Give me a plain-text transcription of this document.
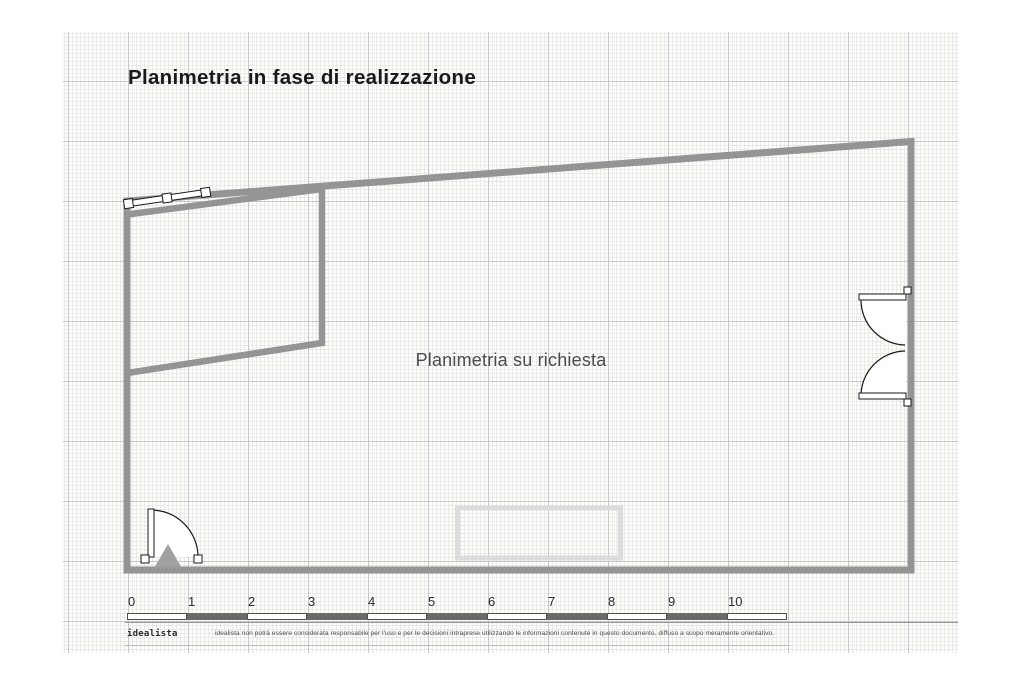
Planimetria in fase di realizzazione
Planimetria su richiesta
0	1	2	3	4	5	6	7	8	9	10
idealista	idealista non potrà essere considerata responsabile per l'uso e per le decisioni intraprese utilizzando le informazioni contenute in questo documento, diffuso a scopo meramente orientativo.
